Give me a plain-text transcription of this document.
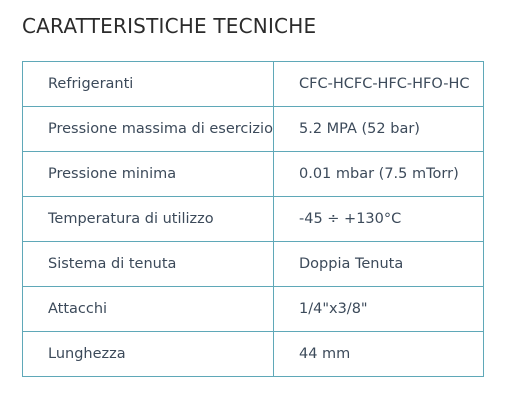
CARATTERISTICHE TECNICHE
Refrigeranti	CFC-HCFC-HFC-HFO-HC
Pressione massima di esercizio	5.2 MPA (52 bar)
Pressione minima	0.01 mbar (7.5 mTorr)
Temperatura di utilizzo	-45 ÷ +130°C
Sistema di tenuta	Doppia Tenuta
Attacchi	1/4"x3/8"
Lunghezza	44 mm
